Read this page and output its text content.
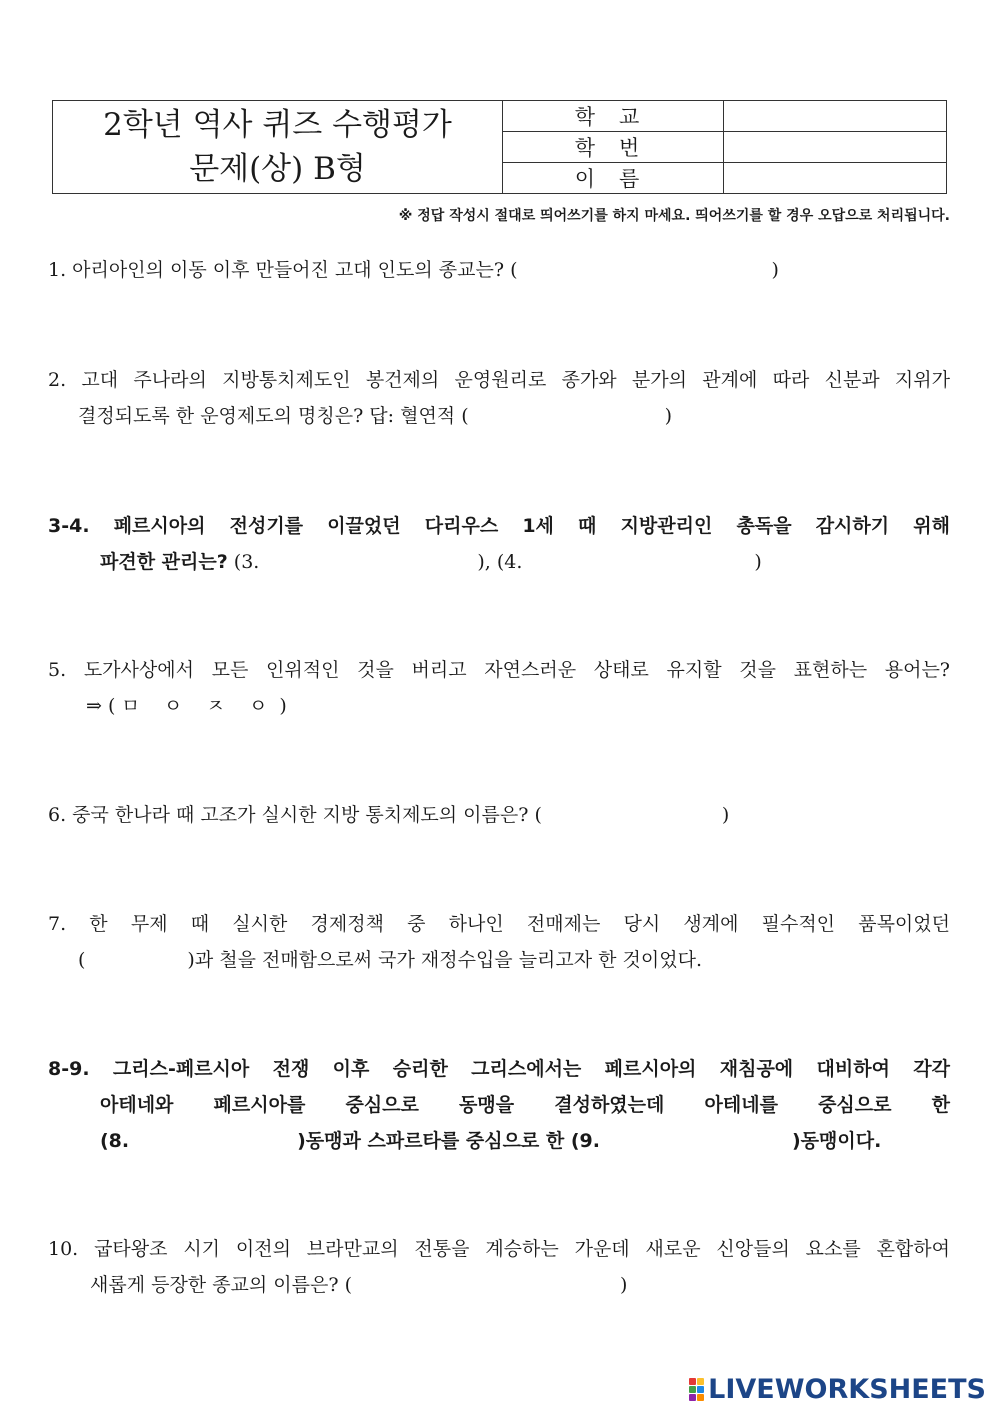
2학년 역사 퀴즈 수행평가
문제(상) B형	학교	
	학번	
	이름	
※ 정답 작성시 절대로 띄어쓰기를 하지 마세요. 띄어쓰기를 할 경우 오답으로 처리됩니다.
1. 아리아인의 이동 이후 만들어진 고대 인도의 종교는? (	)
2. 고대 주나라의 지방통치제도인 봉건제의 운영원리로 종가와 분가의 관계에 따라 신분과 지위가
결정되도록 한 운영제도의 명칭은? 답: 혈연적 (	)
3-4. 페르시아의 전성기를 이끌었던 다리우스 1세 때 지방관리인 총독을 감시하기 위해
파견한 관리는? (3.	), (4.	)
5. 도가사상에서 모든 인위적인 것을 버리고 자연스러운 상태로 유지할 것을 표현하는 용어는?
⇒ ( ㅁ    ㅇ    ㅈ    ㅇ  )
6. 중국 한나라 때 고조가 실시한 지방 통치제도의 이름은? (	)
7. 한 무제 때 실시한 경제정책 중 하나인 전매제는 당시 생계에 필수적인 품목이었던
(	)과 철을 전매함으로써 국가 재정수입을 늘리고자 한 것이었다.
8-9. 그리스-페르시아 전쟁 이후 승리한 그리스에서는 페르시아의 재침공에 대비하여 각각
아테네와 페르시아를 중심으로 동맹을 결성하였는데 아테네를 중심으로 한
(8.	)동맹과 스파르타를 중심으로 한 (9.	)동맹이다.
10. 굽타왕조 시기 이전의 브라만교의 전통을 계승하는 가운데 새로운 신앙들의 요소를 혼합하여
새롭게 등장한 종교의 이름은? (	)
LIVEWORKSHEETS
